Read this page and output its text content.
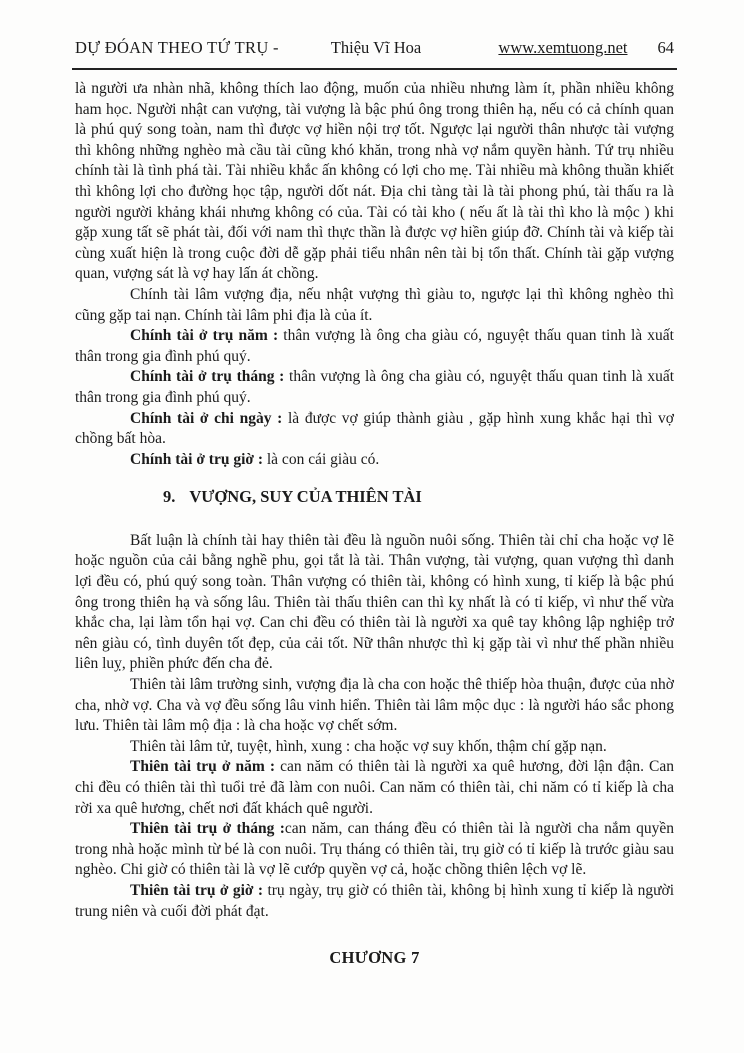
DỰ ĐÓAN THEO TỨ TRỤ -	Thiệu Vĩ Hoa	www.xemtuong.net 64

là người ưa nhàn nhã, không thích lao động, muốn của nhiều nhưng làm ít, phần nhiều không ham học. Người nhật can vượng, tài vượng là bậc phú ông trong thiên hạ, nếu có cả chính quan là phú quý song toàn, nam thì được vợ hiền nội trợ tốt. Ngược lại người thân nhược tài vượng thì không những nghèo mà cầu tài cũng khó khăn, trong nhà vợ nắm quyền hành. Tứ trụ nhiều chính tài là tình phá tài. Tài nhiều khắc ấn không có lợi cho mẹ. Tài nhiều mà không thuần khiết thì không lợi cho đường học tập, người dốt nát. Địa chi tàng tài là tài phong phú, tài thấu ra là người người khảng khái nhưng không có của. Tài có tài kho ( nếu ất là tài thì kho là mộc ) khi gặp xung tất sẽ phát tài, đối với nam thì thực thần là được vợ hiền giúp đỡ. Chính tài và kiếp tài cùng xuất hiện là trong cuộc đời dễ gặp phải tiểu nhân nên tài bị tổn thất. Chính tài gặp vượng quan, vượng sát là vợ hay lấn át chồng.

Chính tài lâm vượng địa, nếu nhật vượng thì giàu to, ngược lại thì không nghèo thì cũng gặp tai nạn. Chính tài lâm phi địa là của ít.

Chính tài ở trụ năm : thân vượng là ông cha giàu có, nguyệt thấu quan tinh là xuất thân trong gia đình phú quý.

Chính tài ở trụ tháng : thân vượng là ông cha giàu có, nguyệt thấu quan tinh là xuất thân trong gia đình phú quý.

Chính tài ở chi ngày : là được vợ giúp thành giàu , gặp hình xung khắc hại thì vợ chồng bất hòa.

Chính tài ở trụ giờ : là con cái giàu có.

9. VƯỢNG, SUY CỦA THIÊN TÀI

Bất luận là chính tài hay thiên tài đều là nguồn nuôi sống. Thiên tài chỉ cha hoặc vợ lẽ hoặc nguồn của cải bằng nghề phu, gọi tắt là tài. Thân vượng, tài vượng, quan vượng thì danh lợi đều có, phú quý song toàn. Thân vượng có thiên tài, không có hình xung, tỉ kiếp là bậc phú ông trong thiên hạ và sống lâu. Thiên tài thấu thiên can thì kỵ nhất là có tỉ kiếp, vì như thế vừa khắc cha, lại làm tổn hại vợ. Can chi đều có thiên tài là người xa quê tay không lập nghiệp trở nên giàu có, tình duyên tốt đẹp, của cải tốt. Nữ thân nhược thì kị gặp tài vì như thế phần nhiều liên luỵ, phiền phức đến cha đẻ.

Thiên tài lâm trường sinh, vượng địa là cha con hoặc thê thiếp hòa thuận, được của nhờ cha, nhờ vợ. Cha và vợ đều sống lâu vinh hiển. Thiên tài lâm mộc dục : là người háo sắc phong lưu. Thiên tài lâm mộ địa : là cha hoặc vợ chết sớm.

Thiên tài lâm tử, tuyệt, hình, xung : cha hoặc vợ suy khốn, thậm chí gặp nạn.

Thiên tài trụ ở năm : can năm có thiên tài là người xa quê hương, đời lận đận. Can chi đều có thiên tài thì tuổi trẻ đã làm con nuôi. Can năm có thiên tài, chi năm có tỉ kiếp là cha rời xa quê hương, chết nơi đất khách quê người.

Thiên tài trụ ở tháng :can năm, can tháng đều có thiên tài là người cha nắm quyền trong nhà hoặc mình từ bé là con nuôi. Trụ tháng có thiên tài, trụ giờ có tỉ kiếp là trước giàu sau nghèo. Chi giờ có thiên tài là vợ lẽ cướp quyền vợ cả, hoặc chồng thiên lệch vợ lẽ.

Thiên tài trụ ở giờ : trụ ngày, trụ giờ có thiên tài, không bị hình xung tỉ kiếp là người trung niên và cuối đời phát đạt.

CHƯƠNG 7
